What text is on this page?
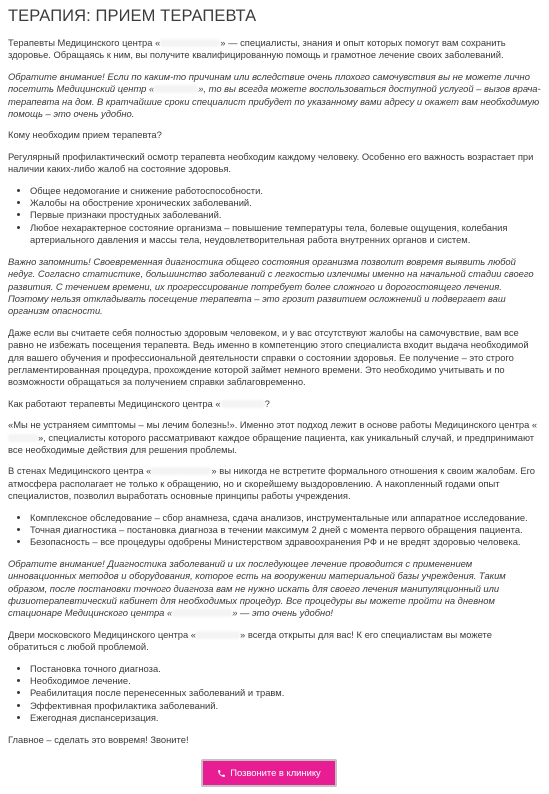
ТЕРАПИЯ: ПРИЕМ ТЕРАПЕВТА

Терапевты Медицинского центра «	» — специалисты, знания и опыт которых помогут вам сохранить здоровье. Обращаясь к ним, вы получите квалифицированную помощь и грамотное лечение своих заболеваний.

Обратите внимание! Если по каким-то причинам или вследствие очень плохого самочувствия вы не можете лично посетить Медицинский центр «	», то вы всегда можете воспользоваться доступной услугой – вызов врача-терапевта на дом. В кратчайшие сроки специалист прибудет по указанному вами адресу и окажет вам необходимую помощь – это очень удобно.

Кому необходим прием терапевта?

Регулярный профилактический осмотр терапевта необходим каждому человеку. Особенно его важность возрастает при наличии каких-либо жалоб на состояние здоровья.

• Общее недомогание и снижение работоспособности.
• Жалобы на обострение хронических заболеваний.
• Первые признаки простудных заболеваний.
• Любое нехарактерное состояние организма – повышение температуры тела, болевые ощущения, колебания артериального давления и массы тела, неудовлетворительная работа внутренних органов и систем.

Важно запомнить! Своевременная диагностика общего состояния организма позволит вовремя выявить любой недуг. Согласно статистике, большинство заболеваний с легкостью излечимы именно на начальной стадии своего развития. С течением времени, их прогрессирование потребует более сложного и дорогостоящего лечения. Поэтому нельзя откладывать посещение терапевта – это грозит развитием осложнений и подвергает ваш организм опасности.

Даже если вы считаете себя полностью здоровым человеком, и у вас отсутствуют жалобы на самочувствие, вам все равно не избежать посещения терапевта. Ведь именно в компетенцию этого специалиста входит выдача необходимой для вашего обучения и профессиональной деятельности справки о состоянии здоровья. Ее получение – это строго регламентированная процедура, прохождение которой займет немного времени. Это необходимо учитывать и по возможности обращаться за получением справки заблаговременно.

Как работают терапевты Медицинского центра «	?

«Мы не устраняем симптомы – мы лечим болезнь!». Именно этот подход лежит в основе работы Медицинского центра «», специалисты которого рассматривают каждое обращение пациента, как уникальный случай, и предпринимают все необходимые действия для решения проблемы.

В стенах Медицинского центра «	» вы никогда не встретите формального отношения к своим жалобам. Его атмосфера располагает не только к обращению, но и скорейшему выздоровлению. А накопленный годами опыт специалистов, позволил выработать основные принципы работы учреждения.

• Комплексное обследование – сбор анамнеза, сдача анализов, инструментальные или аппаратное исследование.
• Точная диагностика – постановка диагноза в течении максимум 2 дней с момента первого обращения пациента.
• Безопасность – все процедуры одобрены Министерством здравоохранения РФ и не вредят здоровью человека.

Обратите внимание! Диагностика заболеваний и их последующее лечение проводится с применением инновационных методов и оборудования, которое есть на вооружении материальной базы учреждения. Таким образом, после постановки точного диагноза вам не нужно искать для своего лечения манипуляционный или физиотерапевтический кабинет для необходимых процедур. Все процедуры вы можете пройти на дневном стационаре Медицинского центра «	» — это очень удобно!

Двери московского Медицинского центра «	» всегда открыты для вас! К его специалистам вы можете обратиться с любой проблемой.

• Постановка точного диагноза.
• Необходимое лечение.
• Реабилитация после перенесенных заболеваний и травм.
• Эффективная профилактика заболеваний.
• Ежегодная диспансеризация.

Главное – сделать это вовремя! Звоните!

Позвоните в клинику
